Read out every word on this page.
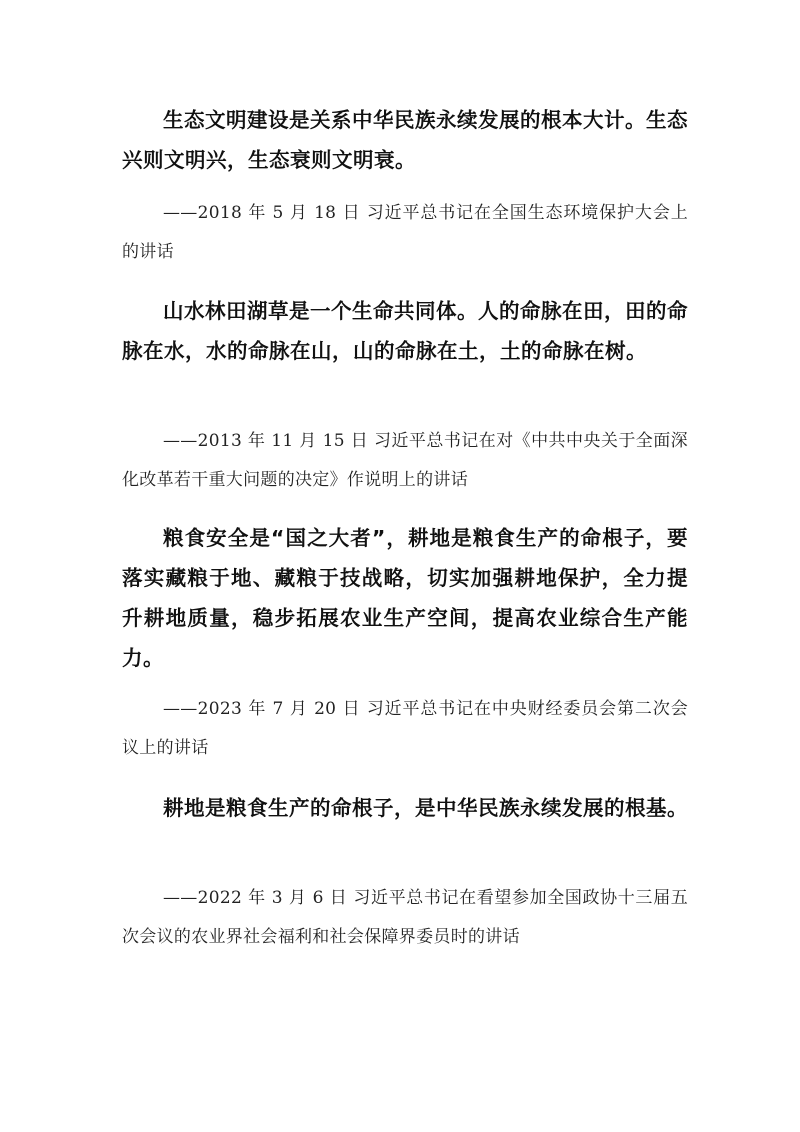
生态文明建设是关系中华民族永续发展的根本大计。生态兴则文明兴，生态衰则文明衰。

——2018 年 5 月 18 日 习近平总书记在全国生态环境保护大会上的讲话

山水林田湖草是一个生命共同体。人的命脉在田，田的命脉在水，水的命脉在山，山的命脉在土，土的命脉在树。

——2013 年 11 月 15 日 习近平总书记在对《中共中央关于全面深化改革若干重大问题的决定》作说明上的讲话

粮食安全是“国之大者”，耕地是粮食生产的命根子，要落实藏粮于地、藏粮于技战略，切实加强耕地保护，全力提升耕地质量，稳步拓展农业生产空间，提高农业综合生产能力。

——2023 年 7 月 20 日 习近平总书记在中央财经委员会第二次会议上的讲话

耕地是粮食生产的命根子，是中华民族永续发展的根基。

——2022 年 3 月 6 日 习近平总书记在看望参加全国政协十三届五次会议的农业界社会福利和社会保障界委员时的讲话
